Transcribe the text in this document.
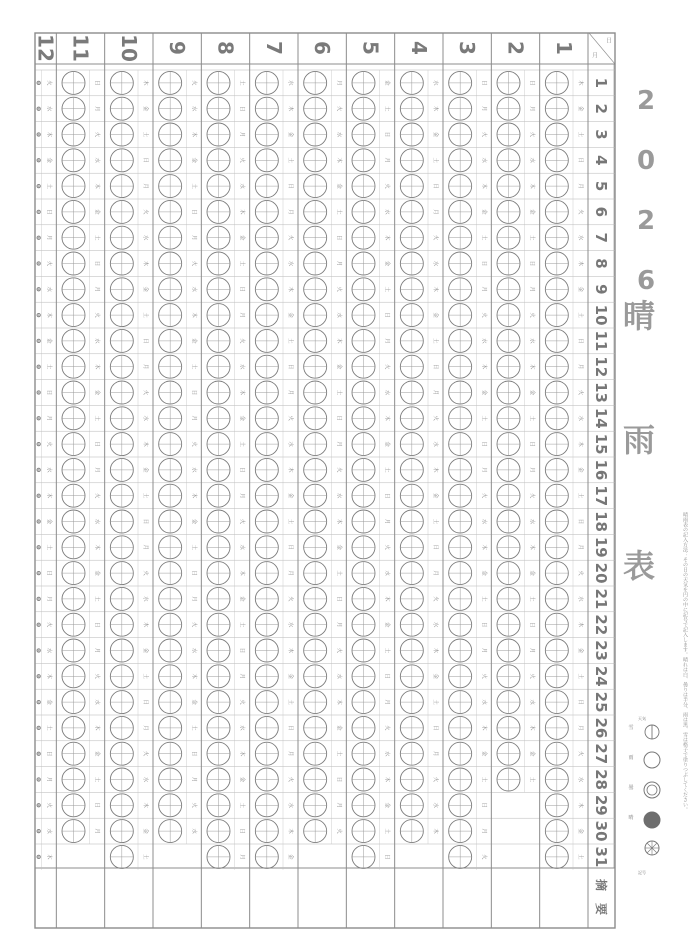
2 0 2 6
晴
雨
表
月
日
1
2
3
4
5
6
7
8
9
10
11
12
13
14
15
16
17
18
19
20
21
22
23
24
25
26
27
28
29
30
31
摘　要
1
木
金
土
日
月
火
水
木
金
土
日
月
火
水
木
金
土
日
月
火
水
木
金
土
日
月
火
水
木
金
土
2
日
月
火
水
木
金
土
日
月
火
水
木
金
土
日
月
火
水
木
金
土
日
月
火
水
木
金
土
3
日
月
火
水
木
金
土
日
月
火
水
木
金
土
日
月
火
水
木
金
土
日
月
火
水
木
金
土
日
月
火
4
水
木
金
土
日
月
火
水
木
金
土
日
月
火
水
木
金
土
日
月
火
水
木
金
土
日
月
火
水
木
5
金
土
日
月
火
水
木
金
土
日
月
火
水
木
金
土
日
月
火
水
木
金
土
日
月
火
水
木
金
土
日
6
月
火
水
木
金
土
日
月
火
水
木
金
土
日
月
火
水
木
金
土
日
月
火
水
木
金
土
日
月
火
7
水
木
金
土
日
月
火
水
木
金
土
日
月
火
水
木
金
土
日
月
火
水
木
金
土
日
月
火
水
木
金
8
土
日
月
火
水
木
金
土
日
月
火
水
木
金
土
日
月
火
水
木
金
土
日
月
火
水
木
金
土
日
月
9
火
水
木
金
土
日
月
火
水
木
金
土
日
月
火
水
木
金
土
日
月
火
水
木
金
土
日
月
火
水
10
木
金
土
日
月
火
水
木
金
土
日
月
火
水
木
金
土
日
月
火
水
木
金
土
日
月
火
水
木
金
土
11
日
月
火
水
木
金
土
日
月
火
水
木
金
土
日
月
火
水
木
金
土
日
月
火
水
木
金
土
日
月
12
火
水
木
金
土
日
月
火
水
木
金
土
日
月
火
水
木
金
土
日
月
火
水
木
金
土
日
月
火
水
木
雪
雨
曇
晴
天気
記号
晴雨表の記入方法：その日の天気を円の中に記号で記入します。晴れは白、曇りは半分、雨は黒、雪は格子で塗りつぶしてください。
